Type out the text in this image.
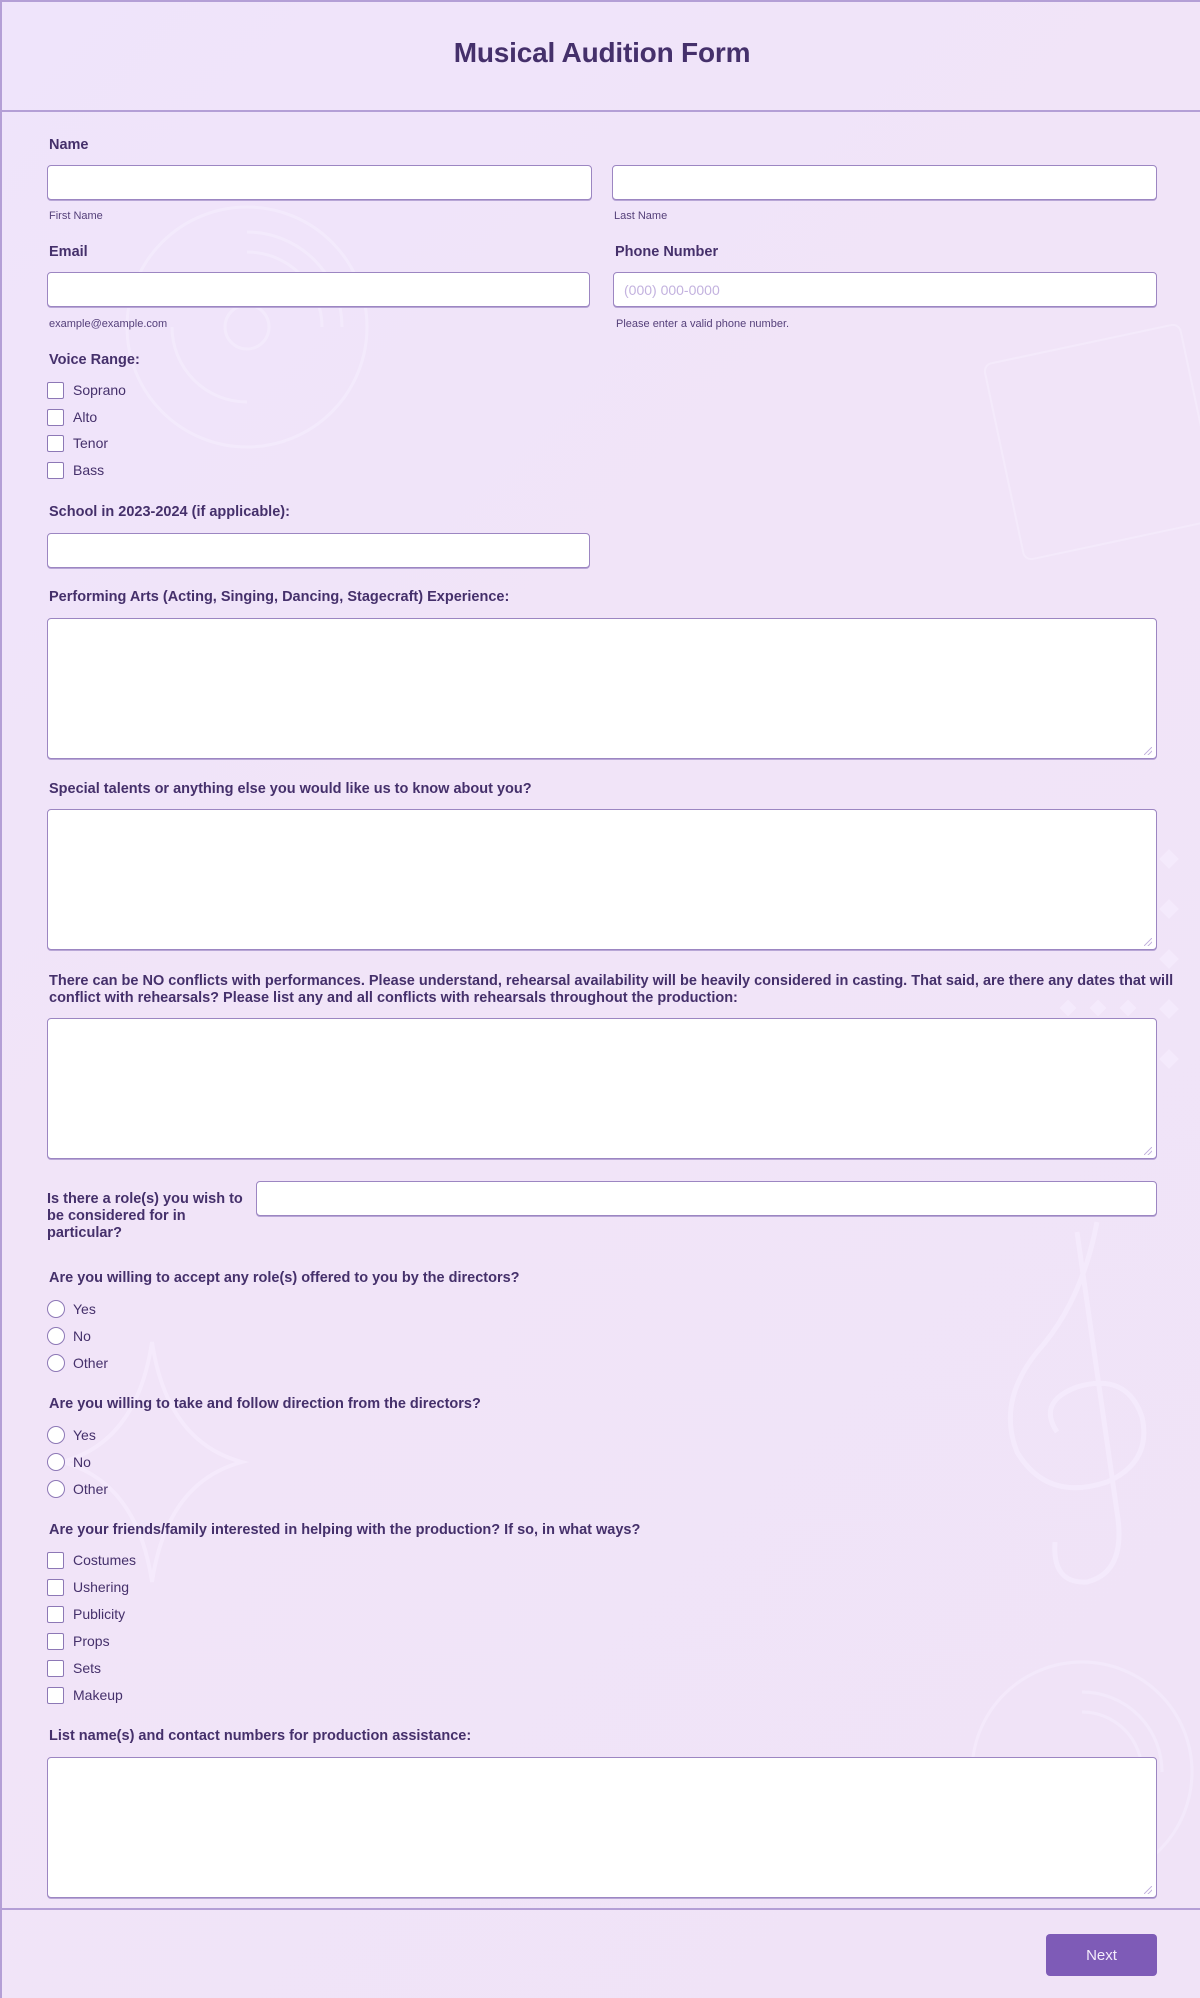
Musical Audition Form
Name
First Name	Last Name
Email
example@example.com
Phone Number
(000) 000-0000
Please enter a valid phone number.
Voice Range:
Soprano
Alto
Tenor
Bass
School in 2023-2024 (if applicable):
Performing Arts (Acting, Singing, Dancing, Stagecraft) Experience:
Special talents or anything else you would like us to know about you?
There can be NO conflicts with performances. Please understand, rehearsal availability will be heavily considered in casting. That said, are there any dates that will
conflict with rehearsals? Please list any and all conflicts with rehearsals throughout the production:
Is there a role(s) you wish to
be considered for in
particular?
Are you willing to accept any role(s) offered to you by the directors?
Yes
No
Other
Are you willing to take and follow direction from the directors?
Yes
No
Other
Are your friends/family interested in helping with the production? If so, in what ways?
Costumes
Ushering
Publicity
Props
Sets
Makeup
List name(s) and contact numbers for production assistance:
Next
